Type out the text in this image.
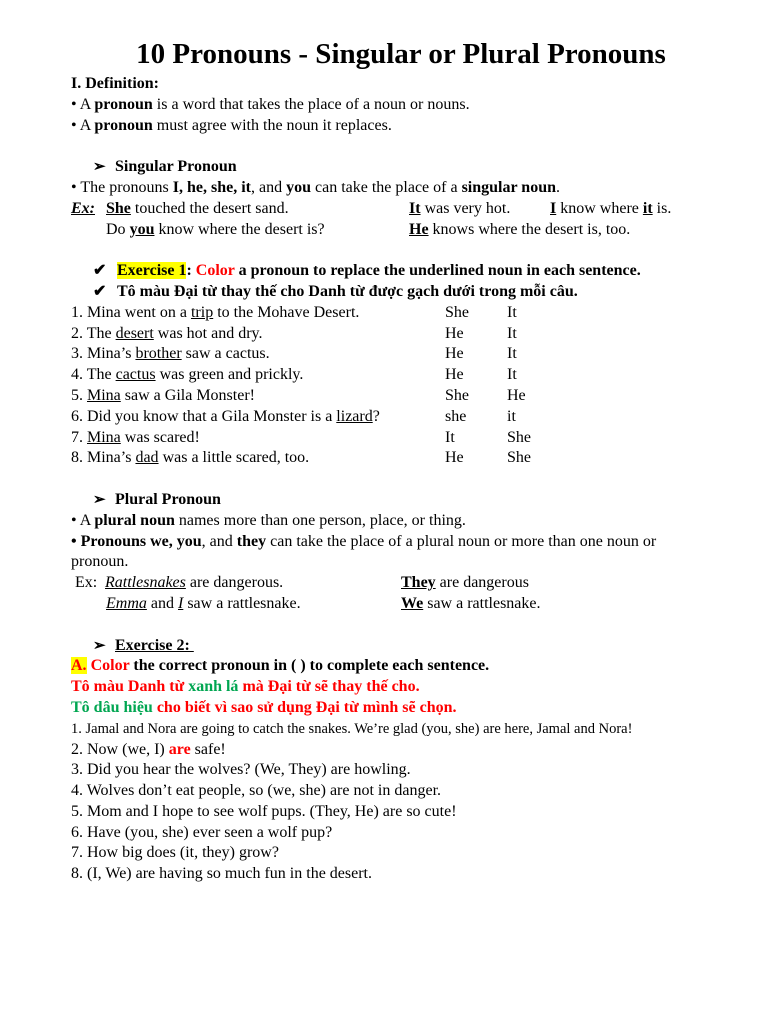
10 Pronouns - Singular or Plural Pronouns
I. Definition:
• A pronoun is a word that takes the place of a noun or nouns.
• A pronoun must agree with the noun it replaces.
➢ Singular Pronoun
• The pronouns I, he, she, it, and you can take the place of a singular noun.
Ex: She touched the desert sand.	It was very hot. I know where it is.
Do you know where the desert is?	He knows where the desert is, too.
✔ Exercise 1: Color a pronoun to replace the underlined noun in each sentence.
✔ Tô màu Đại từ thay thế cho Danh từ được gạch dưới trong mỗi câu.
1. Mina went on a trip to the Mohave Desert.	She It
2. The desert was hot and dry.	He	It
3. Mina’s brother saw a cactus.	He	It
4. The cactus was green and prickly.	He	It
5. Mina saw a Gila Monster!	She He
6. Did you know that a Gila Monster is a lizard?	she	it
7. Mina was scared!	It	She
8. Mina’s dad was a little scared, too.	He	She
➢ Plural Pronoun
• A plural noun names more than one person, place, or thing.
• Pronouns we, you, and they can take the place of a plural noun or more than one noun or
pronoun.
Ex: Rattlesnakes are dangerous.	They are dangerous
Emma and I saw a rattlesnake.	We saw a rattlesnake.
➢ Exercise 2:
A. Color the correct pronoun in ( ) to complete each sentence.
Tô màu Danh từ xanh lá mà Đại từ sẽ thay thế cho.
Tô dâu hiệu cho biết vì sao sử dụng Đại từ mình sẽ chọn.
1. Jamal and Nora are going to catch the snakes. We’re glad (you, she) are here, Jamal and Nora!
2. Now (we, I) are safe!
3. Did you hear the wolves? (We, They) are howling.
4. Wolves don’t eat people, so (we, she) are not in danger.
5. Mom and I hope to see wolf pups. (They, He) are so cute!
6. Have (you, she) ever seen a wolf pup?
7. How big does (it, they) grow?
8. (I, We) are having so much fun in the desert.
